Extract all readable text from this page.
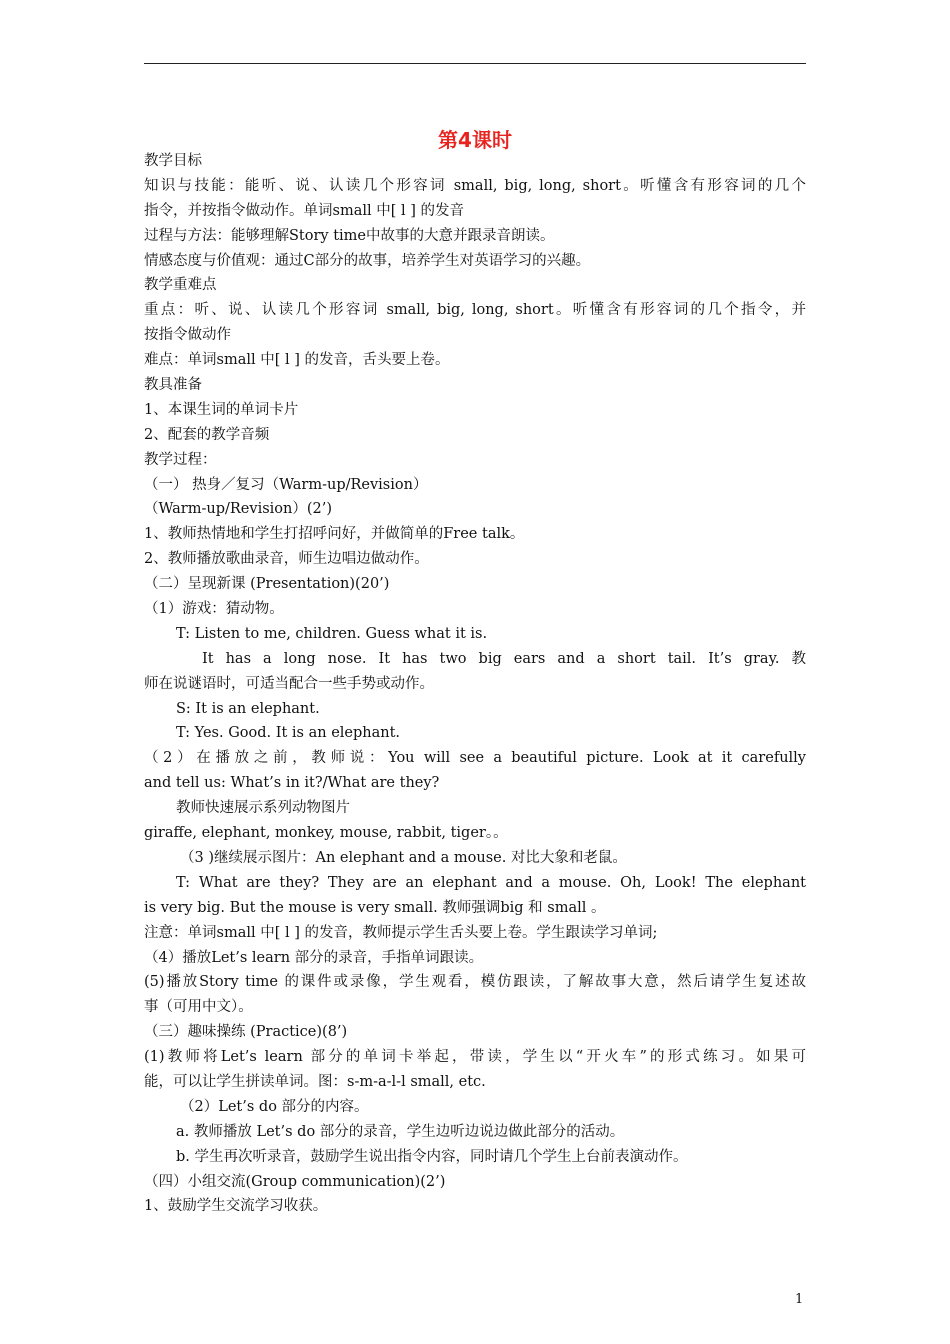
第4课时
教学目标
知识与技能：能听、说、认读几个形容词 small, big, long, short。听懂含有形容词的几个
指令，并按指令做动作。单词small 中[ l ] 的发音
过程与方法：能够理解Story time中故事的大意并跟录音朗读。
情感态度与价值观：通过C部分的故事，培养学生对英语学习的兴趣。
教学重难点
重点：听、说、认读几个形容词 small, big, long, short。听懂含有形容词的几个指令，并
按指令做动作
难点：单词small 中[ l ] 的发音，舌头要上卷。
教具准备
1、本课生词的单词卡片
2、配套的教学音频
教学过程：
（一） 热身／复习（Warm-up/Revision）
（Warm-up/Revision）(2’)
1、教师热情地和学生打招呼问好，并做简单的Free talk。
2、教师播放歌曲录音，师生边唱边做动作。
（二）呈现新课 (Presentation)(20’)
（1）游戏：猜动物。
T: Listen to me, children. Guess what it is.
It has a long nose. It has two big ears and a short tail. It’s gray. 教
师在说谜语时，可适当配合一些手势或动作。
S: It is an elephant.
T: Yes. Good. It is an elephant.
（2）在播放之前，教师说：You will see a beautiful picture. Look at it carefully
and tell us: What’s in it?/What are they?
教师快速展示系列动物图片
giraffe, elephant, monkey, mouse, rabbit, tiger。。
（3 )继续展示图片：An elephant and a mouse. 对比大象和老鼠。
T: What are they? They are an elephant and a mouse. Oh, Look! The elephant
is very big. But the mouse is very small. 教师强调big 和 small 。
注意：单词small 中[ l ] 的发音，教师提示学生舌头要上卷。学生跟读学习单词;
（4）播放Let’s learn 部分的录音，手指单词跟读。
(5)播放Story time 的课件或录像，学生观看，模仿跟读，了解故事大意，然后请学生复述故
事（可用中文）。
（三）趣味操练 (Practice)(8’)
(1)教师将Let’s learn 部分的单词卡举起，带读，学生以“开火车”的形式练习。如果可
能，可以让学生拼读单词。图：s-m-a-l-l small, etc.
（2）Let’s do 部分的内容。
a. 教师播放 Let’s do 部分的录音，学生边听边说边做此部分的活动。
b. 学生再次听录音，鼓励学生说出指令内容，同时请几个学生上台前表演动作。
（四）小组交流(Group communication)(2’)
1、鼓励学生交流学习收获。
1
